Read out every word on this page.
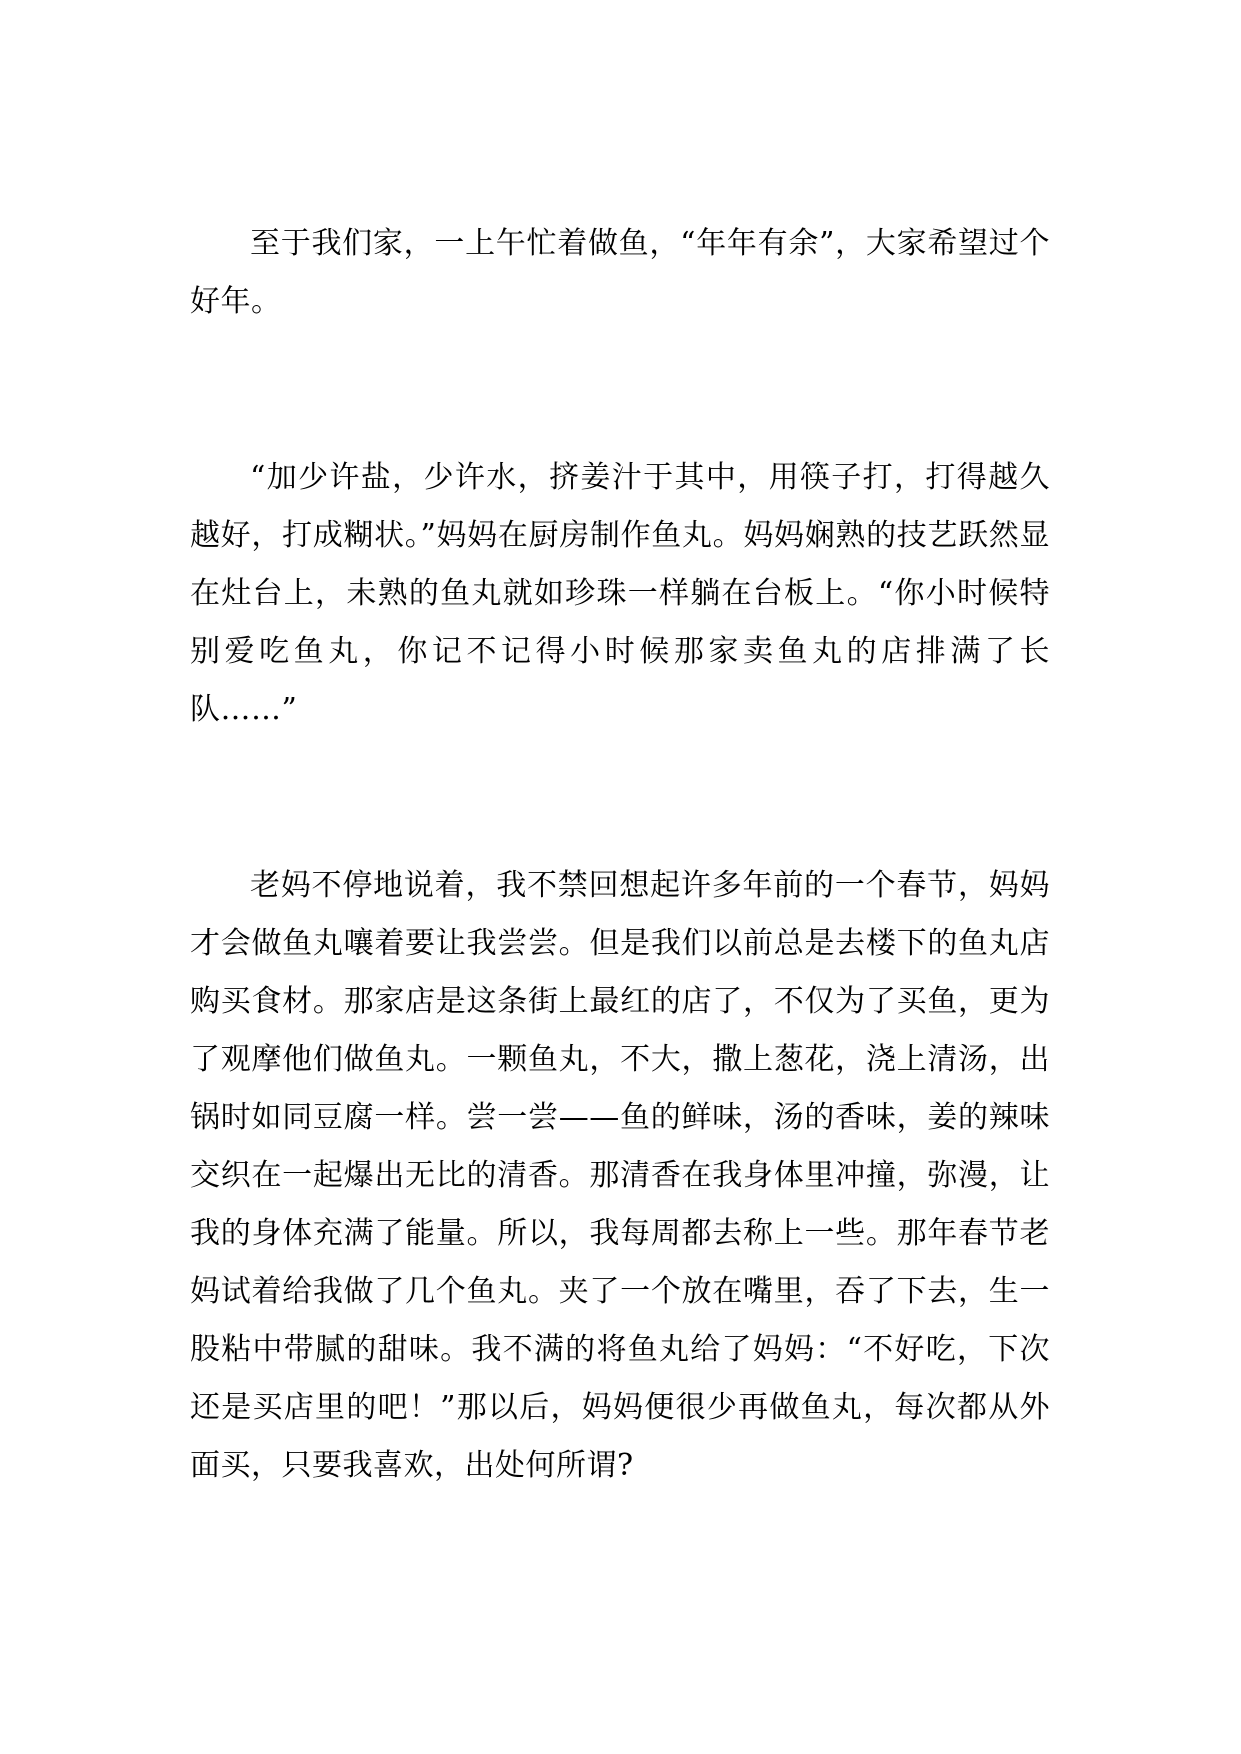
至于我们家，一上午忙着做鱼，“年年有余”，大家希望过个好年。

“加少许盐，少许水，挤姜汁于其中，用筷子打，打得越久越好，打成糊状。”妈妈在厨房制作鱼丸。妈妈娴熟的技艺跃然显在灶台上，未熟的鱼丸就如珍珠一样躺在台板上。“你小时候特别爱吃鱼丸，你记不记得小时候那家卖鱼丸的店排满了长队……”

老妈不停地说着，我不禁回想起许多年前的一个春节，妈妈才会做鱼丸嚷着要让我尝尝。但是我们以前总是去楼下的鱼丸店购买食材。那家店是这条街上最红的店了，不仅为了买鱼，更为了观摩他们做鱼丸。一颗鱼丸，不大，撒上葱花，浇上清汤，出锅时如同豆腐一样。尝一尝——鱼的鲜味，汤的香味，姜的辣味交织在一起爆出无比的清香。那清香在我身体里冲撞，弥漫，让我的身体充满了能量。所以，我每周都去称上一些。那年春节老妈试着给我做了几个鱼丸。夹了一个放在嘴里，吞了下去，生一股粘中带腻的甜味。我不满的将鱼丸给了妈妈：“不好吃，下次还是买店里的吧！”那以后，妈妈便很少再做鱼丸，每次都从外面买，只要我喜欢，出处何所谓?
